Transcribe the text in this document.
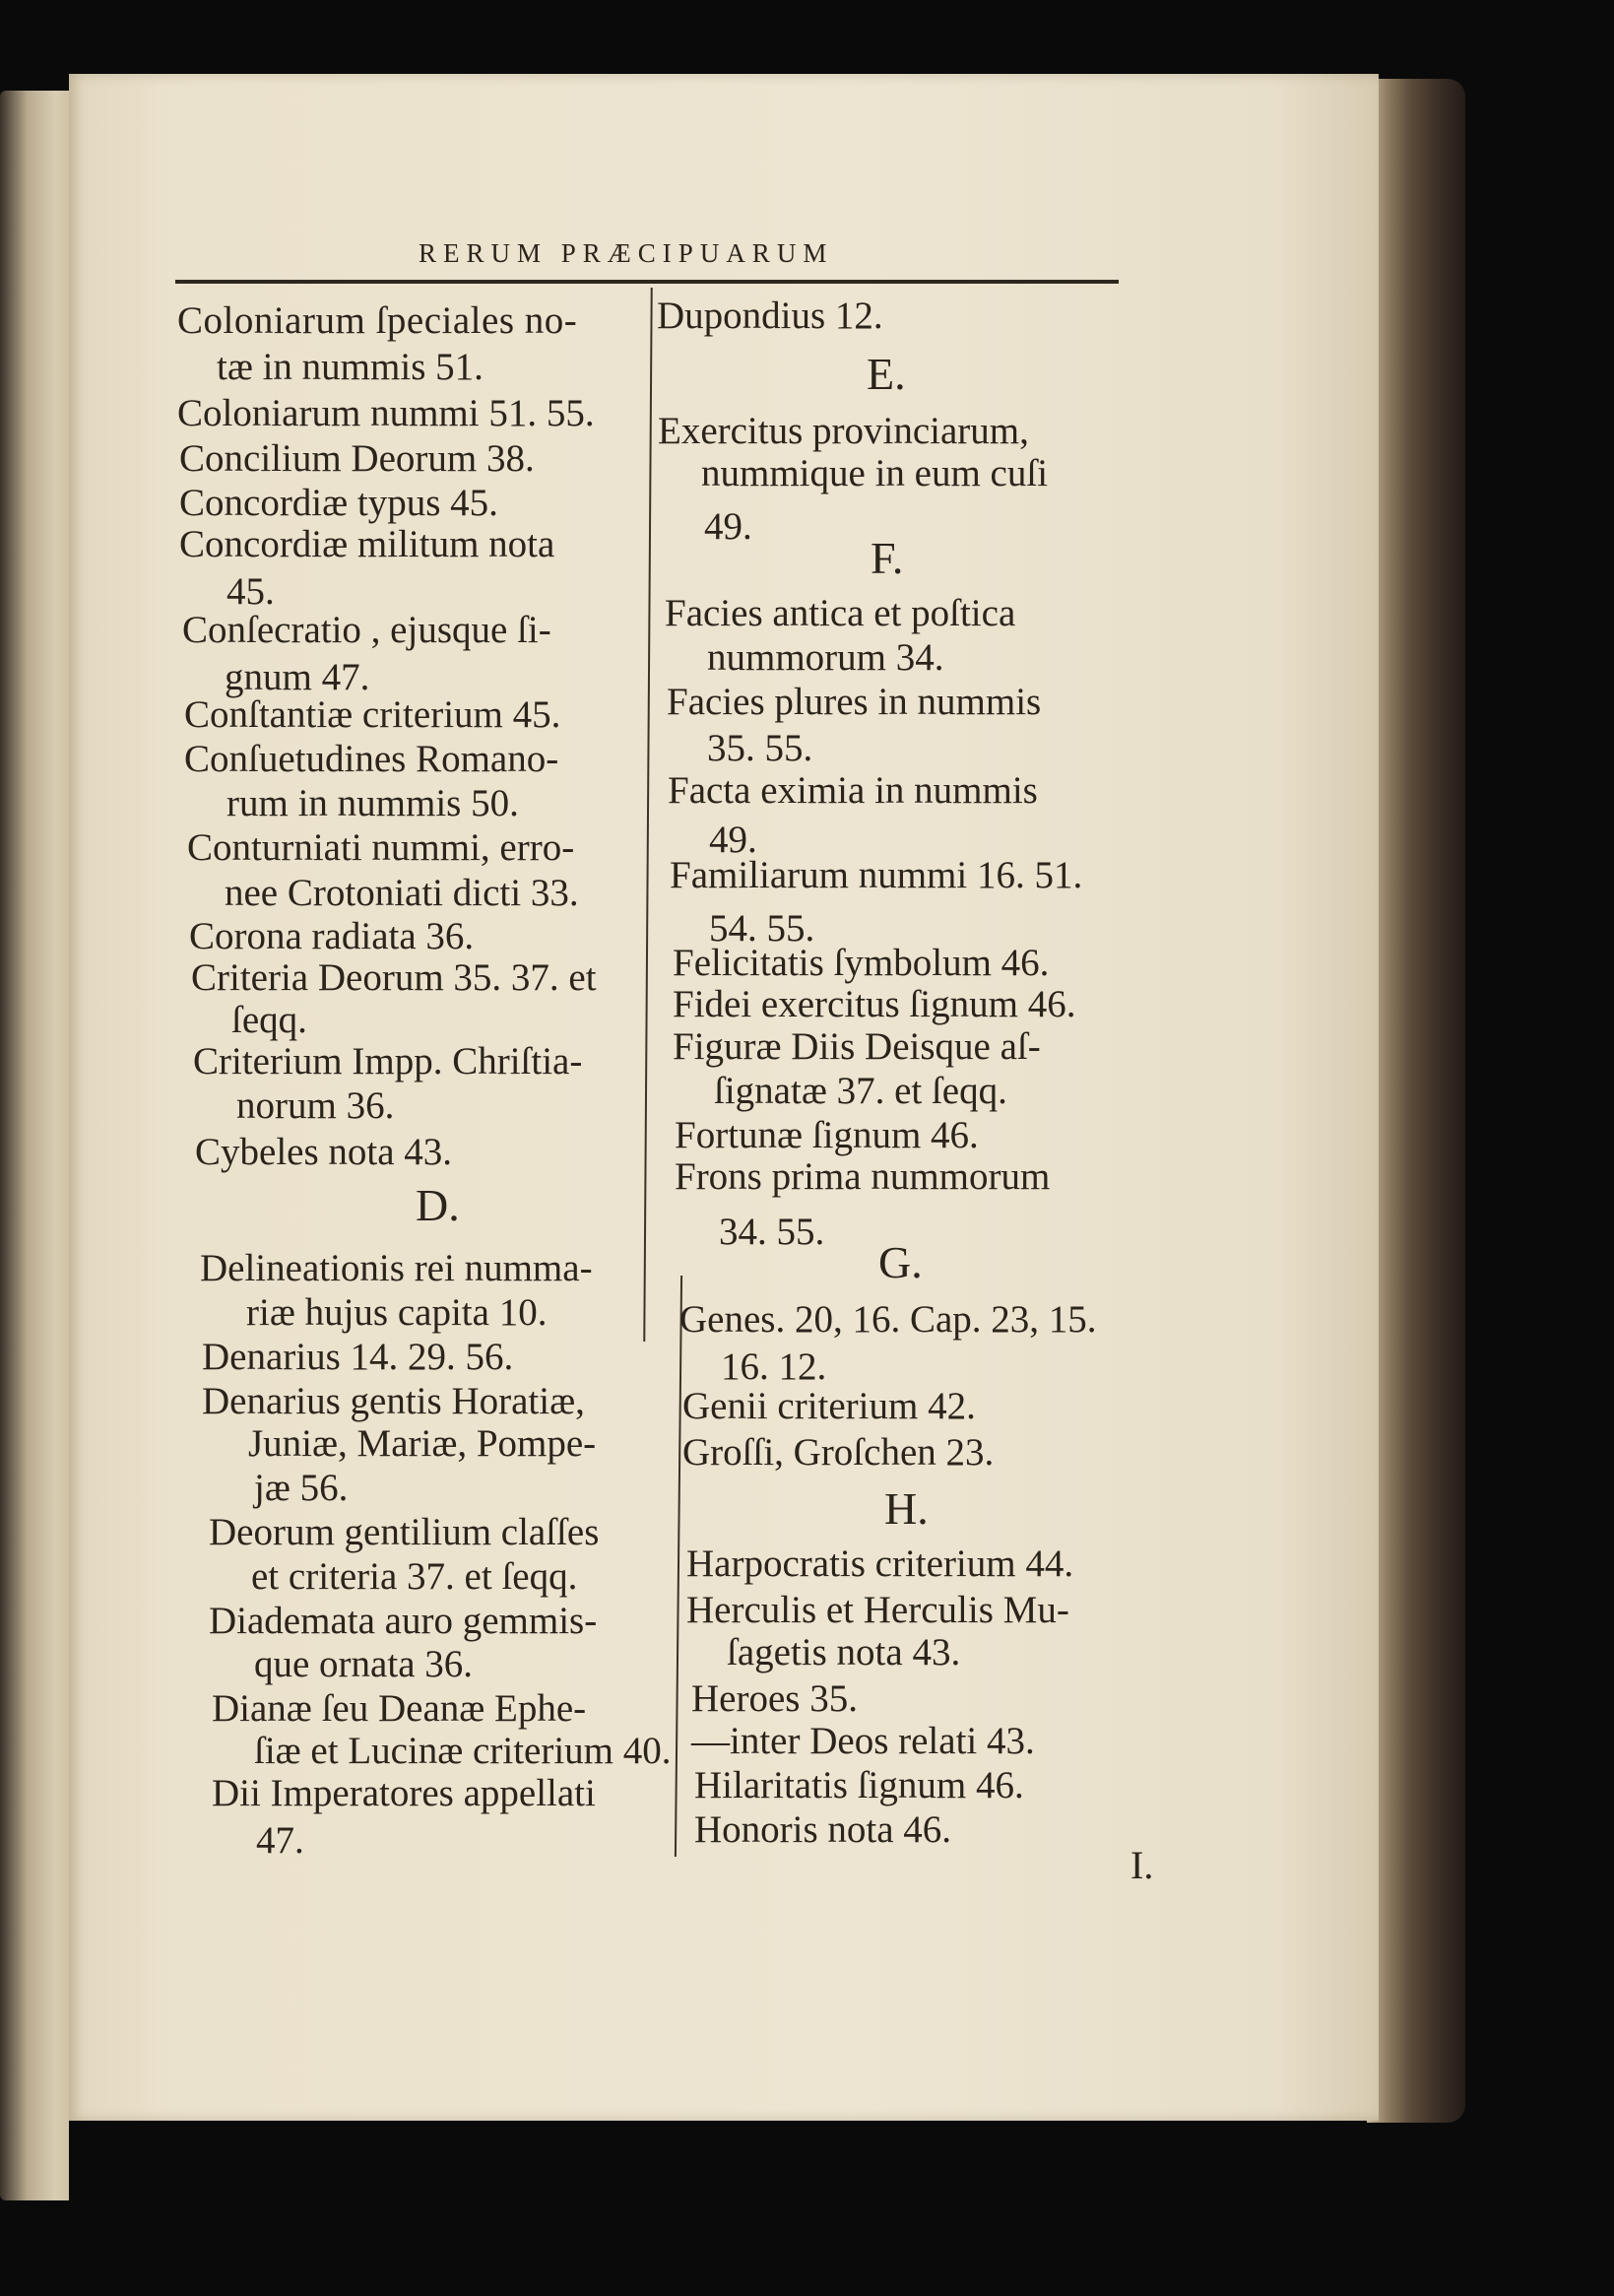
RERUM PRÆCIPUARUM
Coloniarum ſpeciales no-
tæ in nummis 51.
Coloniarum nummi 51. 55.
Concilium Deorum 38.
Concordiæ typus 45.
Concordiæ militum nota
45.
Conſecratio , ejusque ſi-
gnum 47.
Conſtantiæ criterium 45.
Conſuetudines Romano-
rum in nummis 50.
Conturniati nummi, erro-
nee Crotoniati dicti 33.
Corona radiata 36.
Criteria Deorum 35. 37. et
ſeqq.
Criterium Impp. Chriſtia-
norum 36.
Cybeles nota 43.
D.
Delineationis rei numma-
riæ hujus capita 10.
Denarius 14. 29. 56.
Denarius gentis Horatiæ,
Juniæ, Mariæ, Pompe-
jæ 56.
Deorum gentilium claſſes
et criteria 37. et ſeqq.
Diademata auro gemmis-
que ornata 36.
Dianæ ſeu Deanæ Ephe-
ſiæ et Lucinæ criterium 40.
Dii Imperatores appellati
47.
Dupondius 12.
E.
Exercitus provinciarum,
nummique in eum cuſi
49.
F.
Facies antica et poſtica
nummorum 34.
Facies plures in nummis
35. 55.
Facta eximia in nummis
49.
Familiarum nummi 16. 51.
54. 55.
Felicitatis ſymbolum 46.
Fidei exercitus ſignum 46.
Figuræ Diis Deisque aſ-
ſignatæ 37. et ſeqq.
Fortunæ ſignum 46.
Frons prima nummorum
34. 55.
G.
Genes. 20, 16. Cap. 23, 15.
16. 12.
Genii criterium 42.
Groſſi, Groſchen 23.
H.
Harpocratis criterium 44.
Herculis et Herculis Mu-
ſagetis nota 43.
Heroes 35.
—inter Deos relati 43.
Hilaritatis ſignum 46.
Honoris nota 46.
I.
